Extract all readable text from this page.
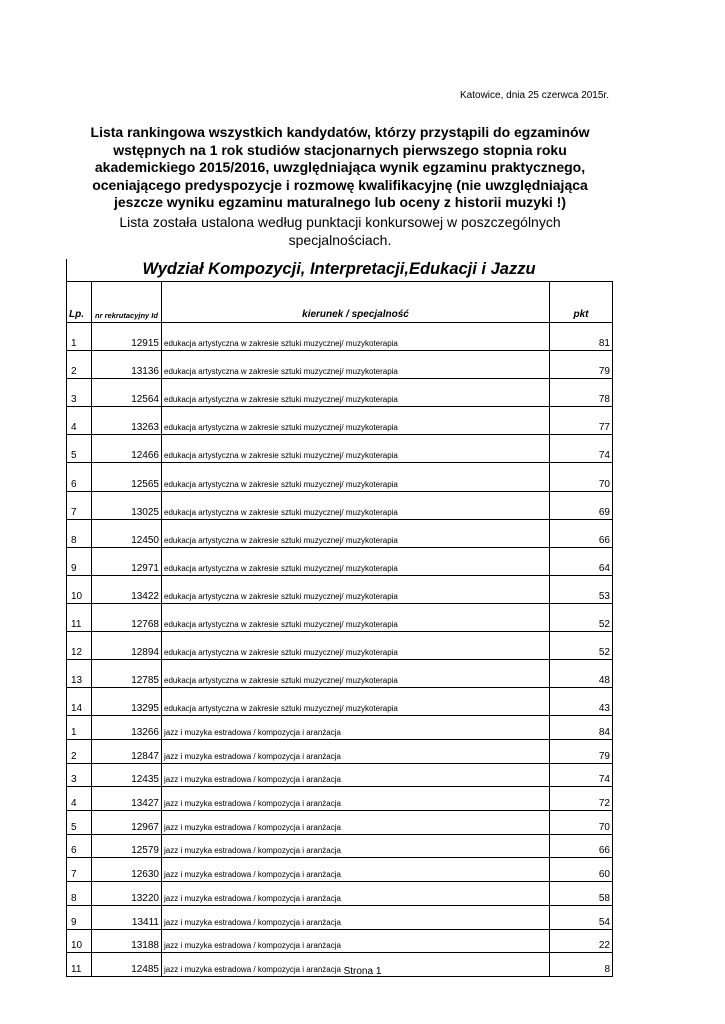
Katowice, dnia 25 czerwca 2015r.
Lista rankingowa wszystkich kandydatów, którzy przystąpili do egzaminów wstępnych na 1 rok studiów stacjonarnych pierwszego stopnia roku akademickiego 2015/2016, uwzględniająca wynik egzaminu praktycznego, oceniającego predyspozycje i rozmowę kwalifikacyjnę (nie uwzględniająca jeszcze wyniku egzaminu maturalnego lub oceny z historii muzyki !)
Lista została ustalona według punktacji konkursowej w poszczególnych specjalnościach.
Wydział Kompozycji, Interpretacji,Edukacji i Jazzu
Lp.	nr rekrutacyjny Id	kierunek / specjalność	pkt
1	12915	edukacja artystyczna w zakresie sztuki muzycznej/ muzykoterapia	81
2	13136	edukacja artystyczna w zakresie sztuki muzycznej/ muzykoterapia	79
3	12564	edukacja artystyczna w zakresie sztuki muzycznej/ muzykoterapia	78
4	13263	edukacja artystyczna w zakresie sztuki muzycznej/ muzykoterapia	77
5	12466	edukacja artystyczna w zakresie sztuki muzycznej/ muzykoterapia	74
6	12565	edukacja artystyczna w zakresie sztuki muzycznej/ muzykoterapia	70
7	13025	edukacja artystyczna w zakresie sztuki muzycznej/ muzykoterapia	69
8	12450	edukacja artystyczna w zakresie sztuki muzycznej/ muzykoterapia	66
9	12971	edukacja artystyczna w zakresie sztuki muzycznej/ muzykoterapia	64
10	13422	edukacja artystyczna w zakresie sztuki muzycznej/ muzykoterapia	53
11	12768	edukacja artystyczna w zakresie sztuki muzycznej/ muzykoterapia	52
12	12894	edukacja artystyczna w zakresie sztuki muzycznej/ muzykoterapia	52
13	12785	edukacja artystyczna w zakresie sztuki muzycznej/ muzykoterapia	48
14	13295	edukacja artystyczna w zakresie sztuki muzycznej/ muzykoterapia	43
1	13266	jazz i muzyka estradowa / kompozycja i aranżacja	84
2	12847	jazz i muzyka estradowa / kompozycja i aranżacja	79
3	12435	jazz i muzyka estradowa / kompozycja i aranżacja	74
4	13427	jazz i muzyka estradowa / kompozycja i aranżacja	72
5	12967	jazz i muzyka estradowa / kompozycja i aranżacja	70
6	12579	jazz i muzyka estradowa / kompozycja i aranżacja	66
7	12630	jazz i muzyka estradowa / kompozycja i aranżacja	60
8	13220	jazz i muzyka estradowa / kompozycja i aranżacja	58
9	13411	jazz i muzyka estradowa / kompozycja i aranżacja	54
10	13188	jazz i muzyka estradowa / kompozycja i aranżacja	22
11	12485	jazz i muzyka estradowa / kompozycja i aranżacja	8
Strona 1
